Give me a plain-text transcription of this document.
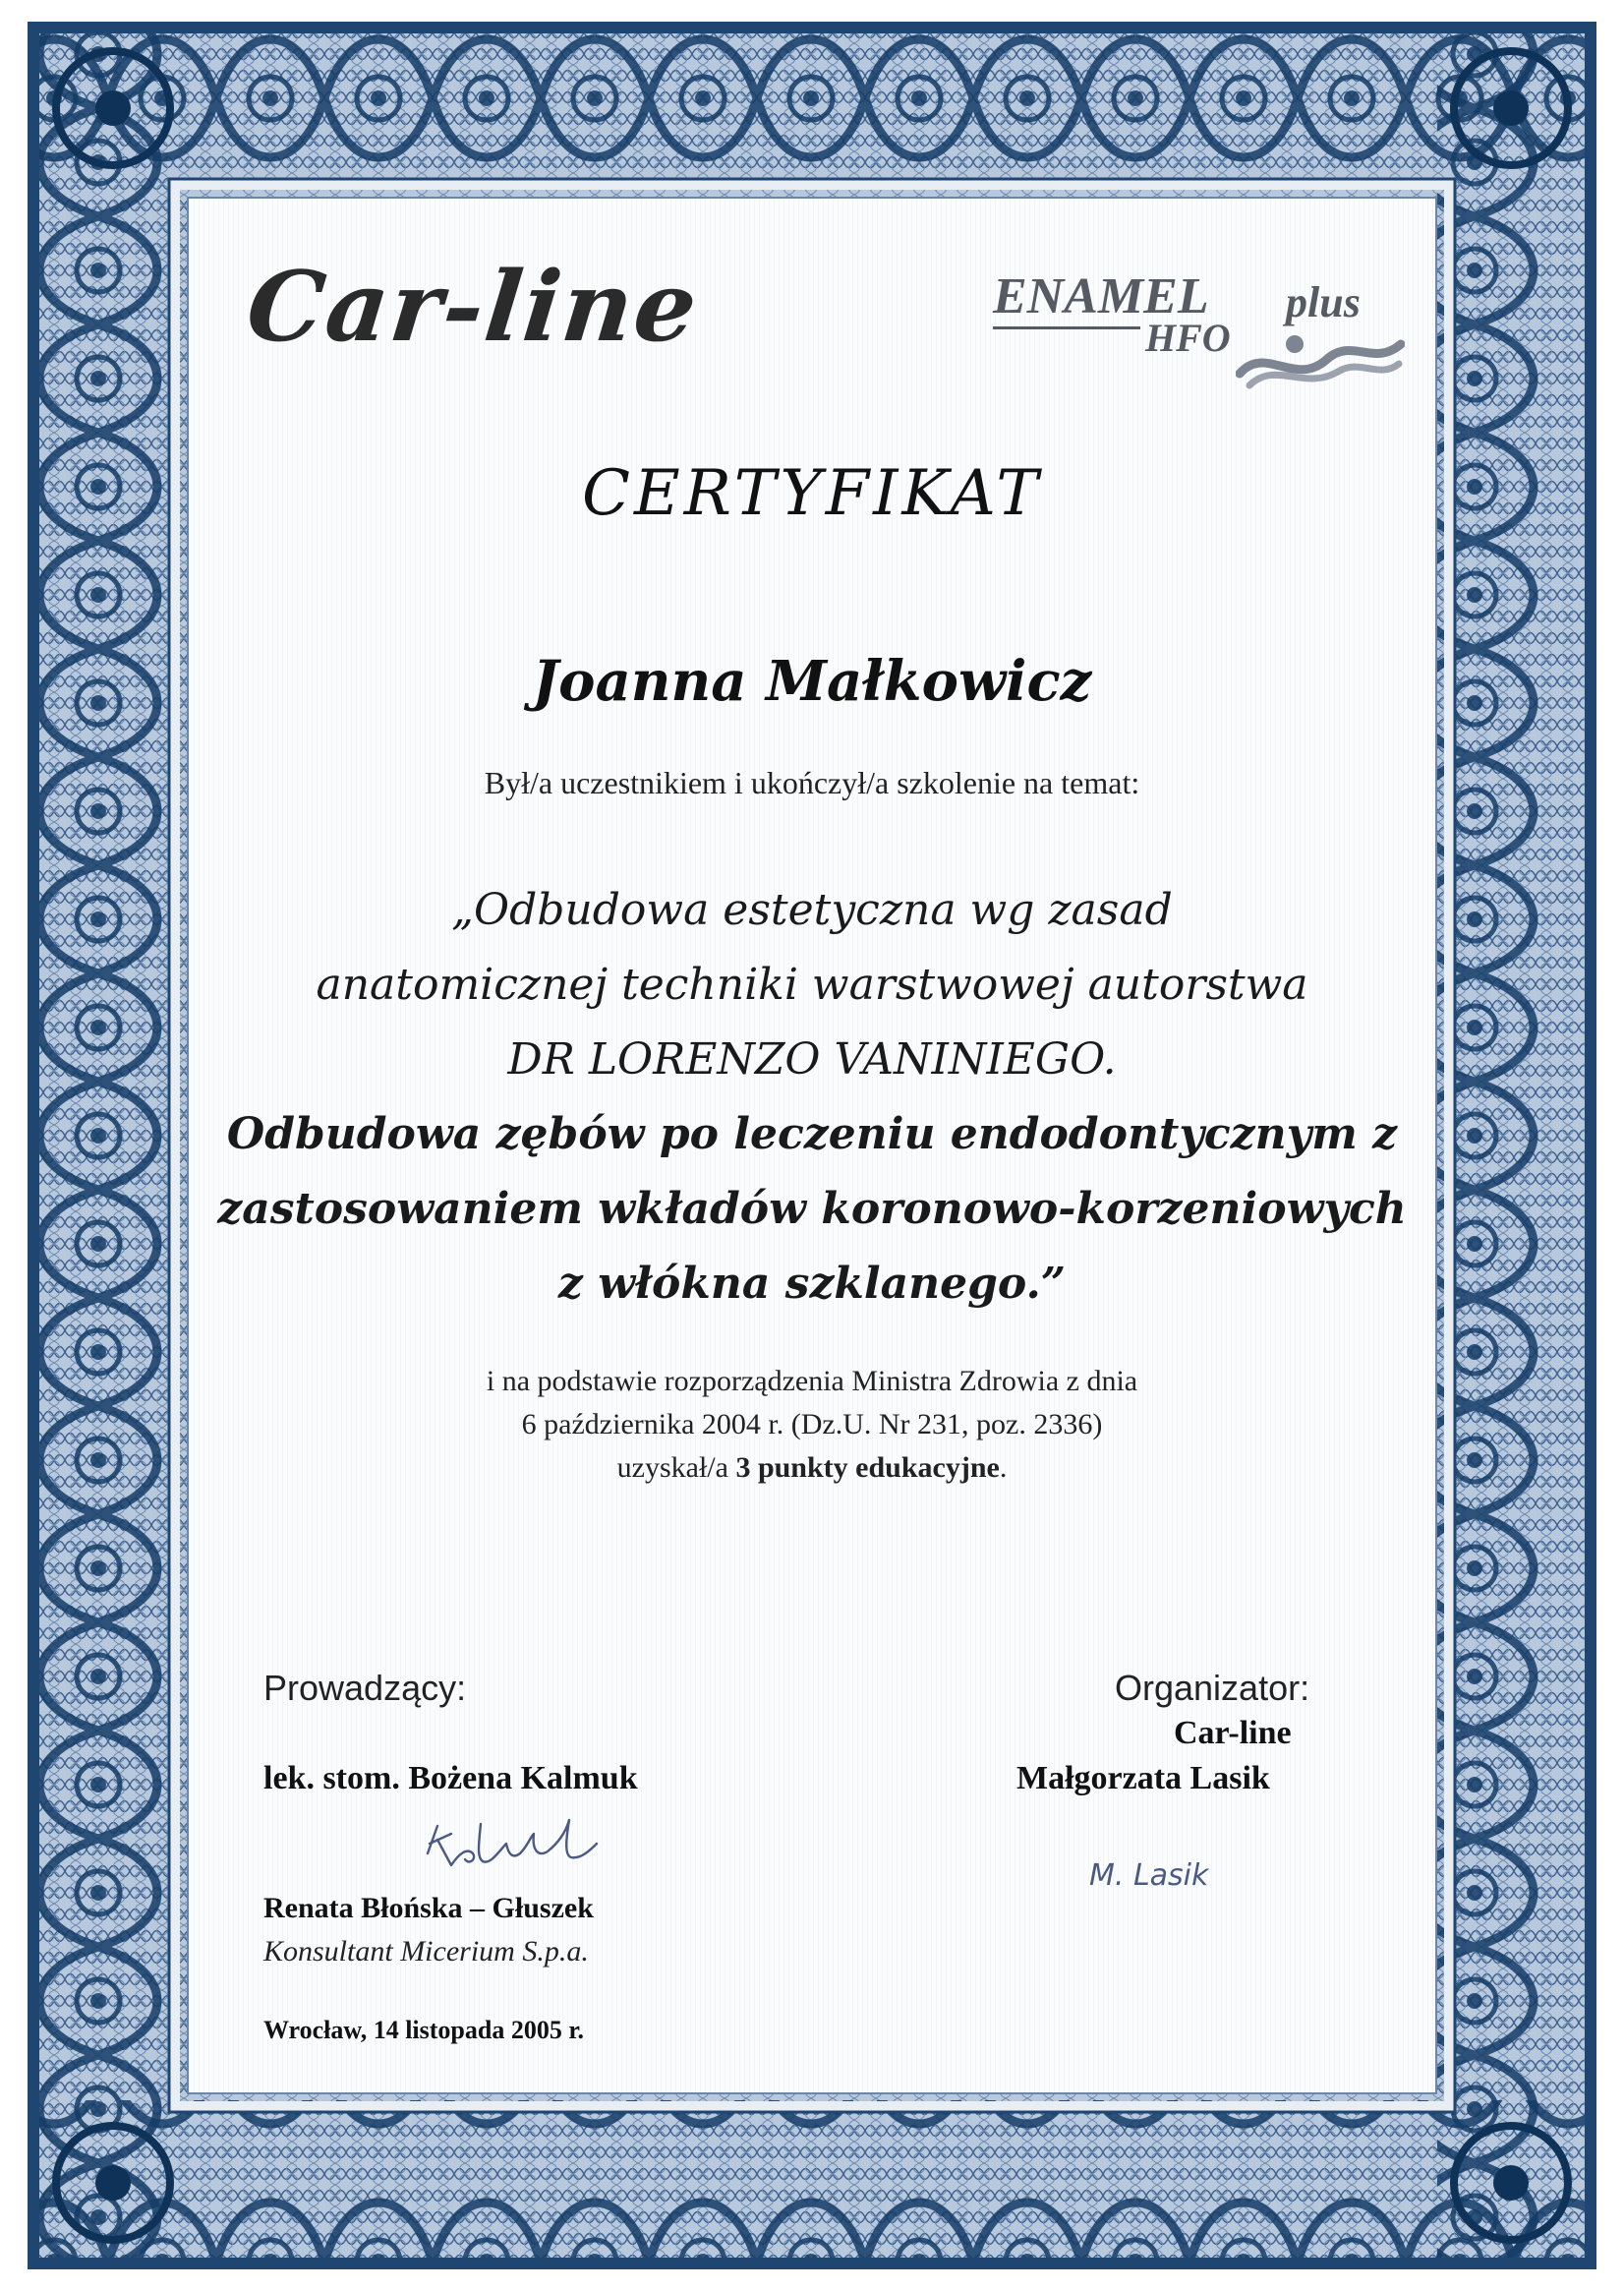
Car-line	ENAMEL plus
HFO
CERTYFIKAT
Joanna Małkowicz
Był/a uczestnikiem i ukończył/a szkolenie na temat:
„Odbudowa estetyczna wg zasad
anatomicznej techniki warstwowej autorstwa
DR LORENZO VANINIEGO.
Odbudowa zębów po leczeniu endodontycznym z
zastosowaniem wkładów koronowo-korzeniowych
z włókna szklanego.”
i na podstawie rozporządzenia Ministra Zdrowia z dnia
6 października 2004 r. (Dz.U. Nr 231, poz. 2336)
uzyskał/a 3 punkty edukacyjne.
Prowadzący:
lek. stom. Bożena Kalmuk
Renata Błońska – Głuszek
Konsultant Micerium S.p.a.
Wrocław, 14 listopada 2005 r.
Organizator:
Car-line
Małgorzata Lasik
M. Lasik
